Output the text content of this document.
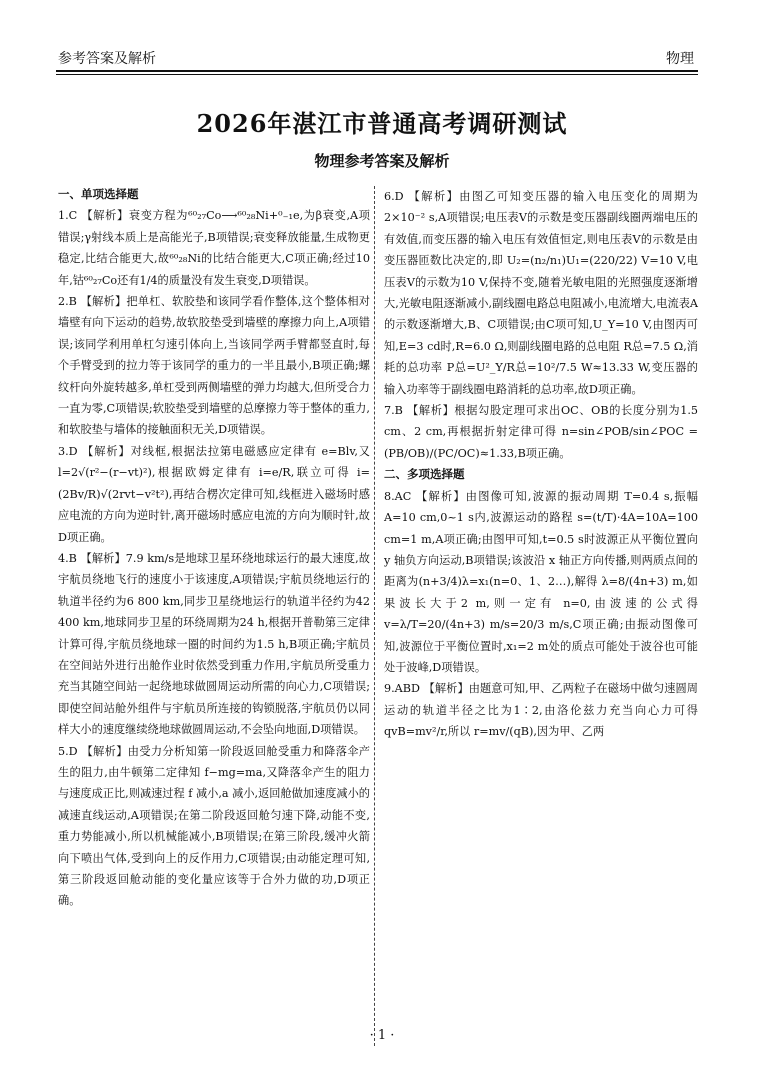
参考答案及解析	物理
2026年湛江市普通高考调研测试
物理参考答案及解析
一、单项选择题

1.C 【解析】衰变方程为⁶⁰₂₇Co⟶⁶⁰₂₈Ni+⁰₋₁e,为β衰变,A项错误;γ射线本质上是高能光子,B项错误;衰变释放能量,生成物更稳定,比结合能更大,故⁶⁰₂₈Ni的比结合能更大,C项正确;经过10年,钴⁶⁰₂₇Co还有1/4的质量没有发生衰变,D项错误。

2.B 【解析】把单杠、软胶垫和该同学看作整体,这个整体相对墙壁有向下运动的趋势,故软胶垫受到墙壁的摩擦力向上,A项错误;该同学利用单杠匀速引体向上,当该同学两手臂都竖直时,每个手臂受到的拉力等于该同学的重力的一半且最小,B项正确;螺纹杆向外旋转越多,单杠受到两侧墙壁的弹力均越大,但所受合力一直为零,C项错误;软胶垫受到墙壁的总摩擦力等于整体的重力,和软胶垫与墙体的接触面积无关,D项错误。

3.D 【解析】对线框,根据法拉第电磁感应定律有 e=Blv,又 l=2√(r²−(r−vt)²),根据欧姆定律有 i=e/R,联立可得 i=(2Bv/R)√(2rvt−v²t²),再结合楞次定律可知,线框进入磁场时感应电流的方向为逆时针,离开磁场时感应电流的方向为顺时针,故D项正确。

4.B 【解析】7.9 km/s是地球卫星环绕地球运行的最大速度,故宇航员绕地飞行的速度小于该速度,A项错误;宇航员绕地运行的轨道半径约为6 800 km,同步卫星绕地运行的轨道半径约为42 400 km,地球同步卫星的环绕周期为24 h,根据开普勒第三定律计算可得,宇航员绕地球一圈的时间约为1.5 h,B项正确;宇航员在空间站外进行出舱作业时依然受到重力作用,宇航员所受重力充当其随空间站一起绕地球做圆周运动所需的向心力,C项错误;即使空间站舱外组件与宇航员所连接的钩锁脱落,宇航员仍以同样大小的速度继续绕地球做圆周运动,不会坠向地面,D项错误。

5.D 【解析】由受力分析知第一阶段返回舱受重力和降落伞产生的阻力,由牛顿第二定律知 f−mg=ma,又降落伞产生的阻力与速度成正比,则减速过程 f 减小,a 减小,返回舱做加速度减小的减速直线运动,A项错误;在第二阶段返回舱匀速下降,动能不变,重力势能减小,所以机械能减小,B项错误;在第三阶段,缓冲火箭向下喷出气体,受到向上的反作用力,C项错误;由动能定理可知,第三阶段返回舱动能的变化量应该等于合外力做的功,D项正确。

6.D 【解析】由图乙可知变压器的输入电压变化的周期为2×10⁻² s,A项错误;电压表V的示数是变压器副线圈两端电压的有效值,而变压器的输入电压有效值恒定,则电压表V的示数是由变压器匝数比决定的,即 U₂=(n₂/n₁)U₁=(220/22) V=10 V,电压表V的示数为10 V,保持不变,随着光敏电阻的光照强度逐渐增大,光敏电阻逐渐减小,副线圈电路总电阻减小,电流增大,电流表A的示数逐渐增大,B、C项错误;由C项可知,U_Y=10 V,由图丙可知,E=3 cd时,R=6.0 Ω,则副线圈电路的总电阻 R总=7.5 Ω,消耗的总功率 P总=U²_Y/R总=10²/7.5 W≈13.33 W,变压器的输入功率等于副线圈电路消耗的总功率,故D项正确。

7.B 【解析】根据勾股定理可求出OC、OB的长度分别为1.5 cm、2 cm,再根据折射定律可得 n=sin∠POB/sin∠POC =(PB/OB)/(PC/OC)≈1.33,B项正确。

二、多项选择题

8.AC 【解析】由图像可知,波源的振动周期 T=0.4 s,振幅 A=10 cm,0~1 s内,波源运动的路程 s=(t/T)·4A=10A=100 cm=1 m,A项正确;由图甲可知,t=0.5 s时波源正从平衡位置向 y 轴负方向运动,B项错误;该波沿 x 轴正方向传播,则两质点间的距离为(n+3/4)λ=x₁(n=0、1、2…),解得 λ=8/(4n+3) m,如果波长大于2 m,则一定有 n=0,由波速的公式得 v=λ/T=20/(4n+3) m/s=20/3 m/s,C项正确;由振动图像可知,波源位于平衡位置时,x₁=2 m处的质点可能处于波谷也可能处于波峰,D项错误。

9.ABD 【解析】由题意可知,甲、乙两粒子在磁场中做匀速圆周运动的轨道半径之比为1∶2,由洛伦兹力充当向心力可得 qvB=mv²/r,所以 r=mv/(qB),因为甲、乙两

· 1 ·
